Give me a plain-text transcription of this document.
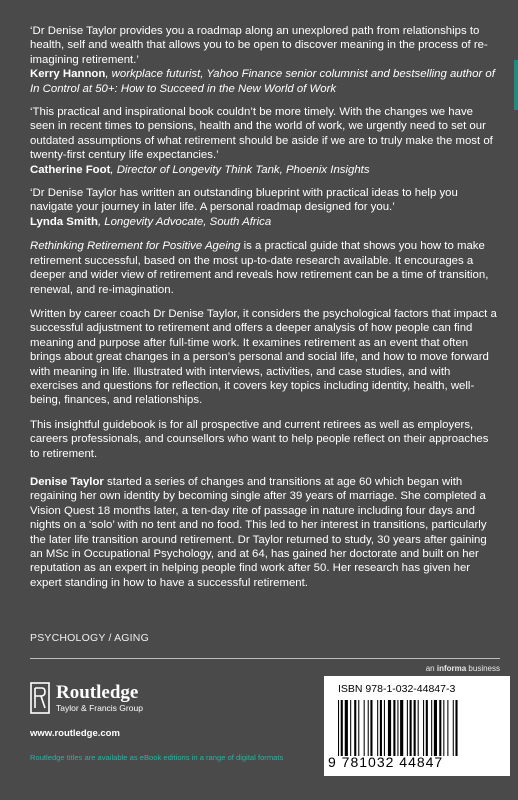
‘Dr Denise Taylor provides you a roadmap along an unexplored path from relationships to health, self and wealth that allows you to be open to discover meaning in the process of re-imagining retirement.’

Kerry Hannon, workplace futurist, Yahoo Finance senior columnist and bestselling author of In Control at 50+: How to Succeed in the New World of Work

‘This practical and inspirational book couldn’t be more timely. With the changes we have seen in recent times to pensions, health and the world of work, we urgently need to set our outdated assumptions of what retirement should be aside if we are to truly make the most of twenty-first century life expectancies.’

Catherine Foot, Director of Longevity Think Tank, Phoenix Insights

‘Dr Denise Taylor has written an outstanding blueprint with practical ideas to help you navigate your journey in later life. A personal roadmap designed for you.’

Lynda Smith, Longevity Advocate, South Africa

Rethinking Retirement for Positive Ageing is a practical guide that shows you how to make retirement successful, based on the most up-to-date research available. It encourages a deeper and wider view of retirement and reveals how retirement can be a time of transition, renewal, and re-imagination.

Written by career coach Dr Denise Taylor, it considers the psychological factors that impact a successful adjustment to retirement and offers a deeper analysis of how people can find meaning and purpose after full-time work. It examines retirement as an event that often brings about great changes in a person’s personal and social life, and how to move forward with meaning in life. Illustrated with interviews, activities, and case studies, and with exercises and questions for reflection, it covers key topics including identity, health, well-being, finances, and relationships.

This insightful guidebook is for all prospective and current retirees as well as employers, careers professionals, and counsellors who want to help people reflect on their approaches to retirement.

Denise Taylor started a series of changes and transitions at age 60 which began with regaining her own identity by becoming single after 39 years of marriage. She completed a Vision Quest 18 months later, a ten-day rite of passage in nature including four days and nights on a ‘solo’ with no tent and no food. This led to her interest in transitions, particularly the later life transition around retirement. Dr Taylor returned to study, 30 years after gaining an MSc in Occupational Psychology, and at 64, has gained her doctorate and built on her reputation as an expert in helping people find work after 50. Her research has given her expert standing in how to have a successful retirement.

PSYCHOLOGY / AGING
an informa business
Routledge
Taylor & Francis Group
www.routledge.com
Routledge titles are available as eBook editions in a range of digital formats
ISBN 978-1-032-44847-3
9 781032 44847
